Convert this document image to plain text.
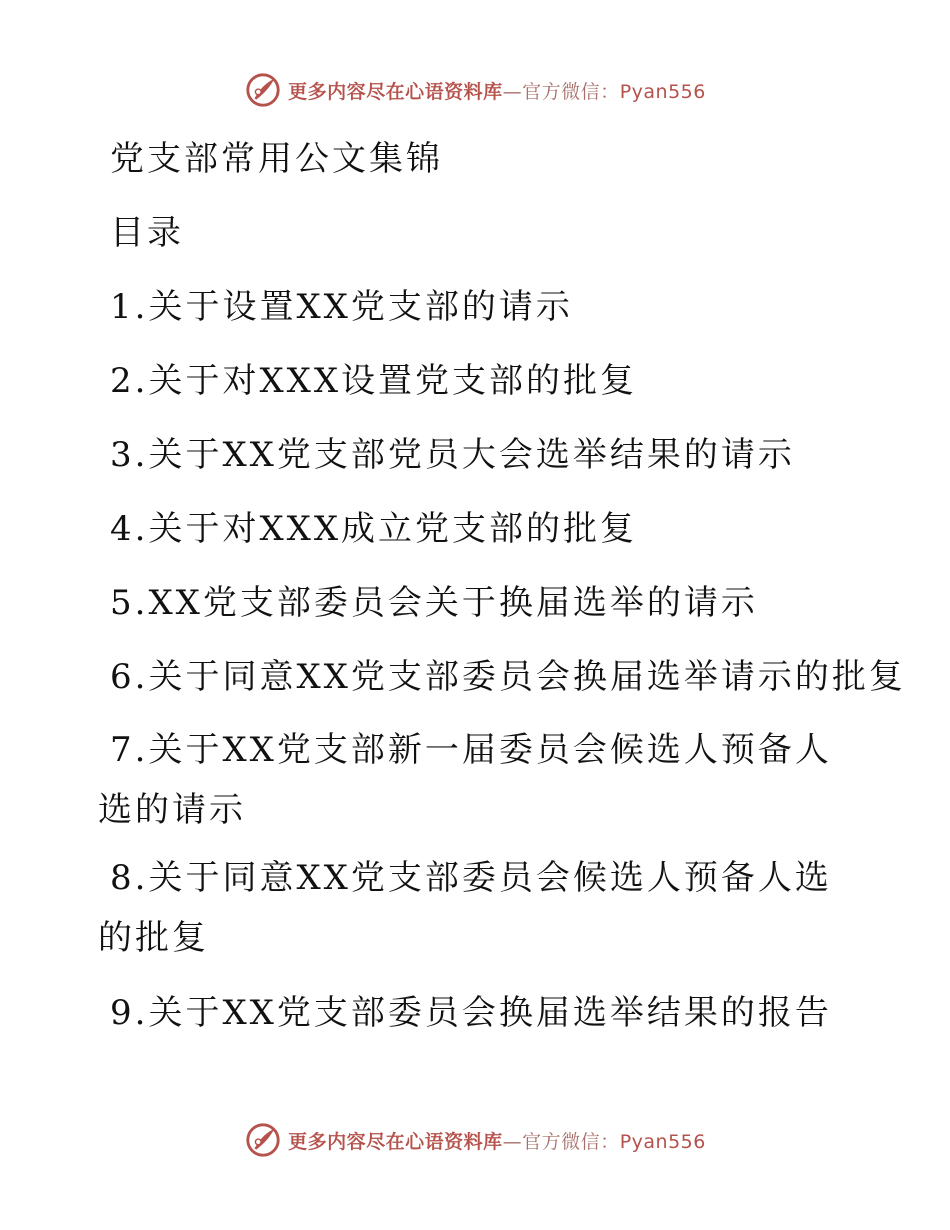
更多内容尽在心语资料库—官方微信：Pyan556
党支部常用公文集锦
目录
1.关于设置XX党支部的请示
2.关于对XXX设置党支部的批复
3.关于XX党支部党员大会选举结果的请示
4.关于对XXX成立党支部的批复
5.XX党支部委员会关于换届选举的请示
6.关于同意XX党支部委员会换届选举请示的批复
7.关于XX党支部新一届委员会候选人预备人选的请示
8.关于同意XX党支部委员会候选人预备人选的批复
9.关于XX党支部委员会换届选举结果的报告
更多内容尽在心语资料库—官方微信：Pyan556
